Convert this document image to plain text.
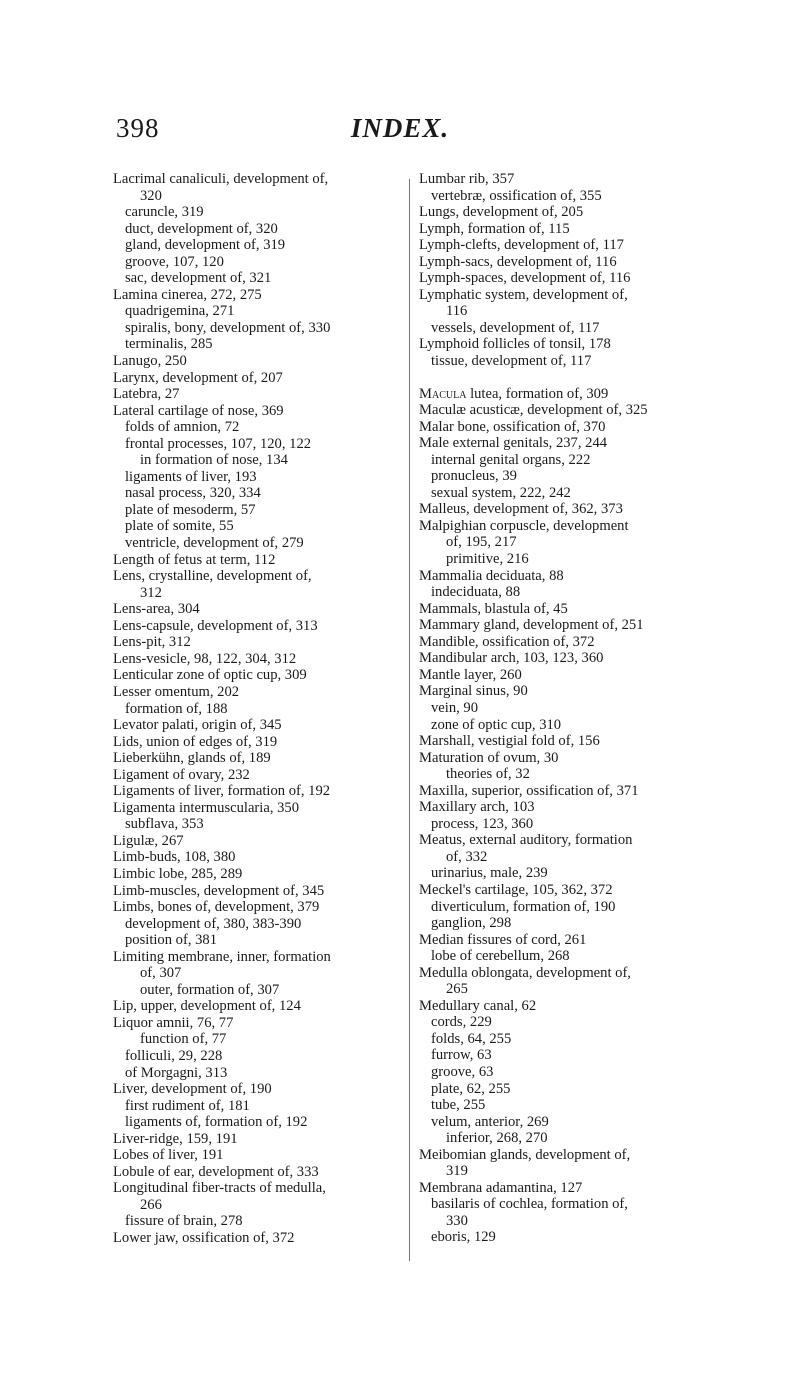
398	INDEX.
Lacrimal canaliculi, development of,
320
caruncle, 319
duct, development of, 320
gland, development of, 319
groove, 107, 120
sac, development of, 321
Lamina cinerea, 272, 275
quadrigemina, 271
spiralis, bony, development of, 330
terminalis, 285
Lanugo, 250
Larynx, development of, 207
Latebra, 27
Lateral cartilage of nose, 369
folds of amnion, 72
frontal processes, 107, 120, 122
in formation of nose, 134
ligaments of liver, 193
nasal process, 320, 334
plate of mesoderm, 57
plate of somite, 55
ventricle, development of, 279
Length of fetus at term, 112
Lens, crystalline, development of,
312
Lens-area, 304
Lens-capsule, development of, 313
Lens-pit, 312
Lens-vesicle, 98, 122, 304, 312
Lenticular zone of optic cup, 309
Lesser omentum, 202
formation of, 188
Levator palati, origin of, 345
Lids, union of edges of, 319
Lieberkühn, glands of, 189
Ligament of ovary, 232
Ligaments of liver, formation of, 192
Ligamenta intermuscularia, 350
subflava, 353
Ligulæ, 267
Limb-buds, 108, 380
Limbic lobe, 285, 289
Limb-muscles, development of, 345
Limbs, bones of, development, 379
development of, 380, 383-390
position of, 381
Limiting membrane, inner, formation
of, 307
outer, formation of, 307
Lip, upper, development of, 124
Liquor amnii, 76, 77
function of, 77
folliculi, 29, 228
of Morgagni, 313
Liver, development of, 190
first rudiment of, 181
ligaments of, formation of, 192
Liver-ridge, 159, 191
Lobes of liver, 191
Lobule of ear, development of, 333
Longitudinal fiber-tracts of medulla,
266
fissure of brain, 278
Lower jaw, ossification of, 372
Lumbar rib, 357
vertebræ, ossification of, 355
Lungs, development of, 205
Lymph, formation of, 115
Lymph-clefts, development of, 117
Lymph-sacs, development of, 116
Lymph-spaces, development of, 116
Lymphatic system, development of,
116
vessels, development of, 117
Lymphoid follicles of tonsil, 178
tissue, development of, 117
Macula lutea, formation of, 309
Maculæ acusticæ, development of, 325
Malar bone, ossification of, 370
Male external genitals, 237, 244
internal genital organs, 222
pronucleus, 39
sexual system, 222, 242
Malleus, development of, 362, 373
Malpighian corpuscle, development
of, 195, 217
primitive, 216
Mammalia deciduata, 88
indeciduata, 88
Mammals, blastula of, 45
Mammary gland, development of, 251
Mandible, ossification of, 372
Mandibular arch, 103, 123, 360
Mantle layer, 260
Marginal sinus, 90
vein, 90
zone of optic cup, 310
Marshall, vestigial fold of, 156
Maturation of ovum, 30
theories of, 32
Maxilla, superior, ossification of, 371
Maxillary arch, 103
process, 123, 360
Meatus, external auditory, formation
of, 332
urinarius, male, 239
Meckel's cartilage, 105, 362, 372
diverticulum, formation of, 190
ganglion, 298
Median fissures of cord, 261
lobe of cerebellum, 268
Medulla oblongata, development of,
265
Medullary canal, 62
cords, 229
folds, 64, 255
furrow, 63
groove, 63
plate, 62, 255
tube, 255
velum, anterior, 269
inferior, 268, 270
Meibomian glands, development of,
319
Membrana adamantina, 127
basilaris of cochlea, formation of,
330
eboris, 129
